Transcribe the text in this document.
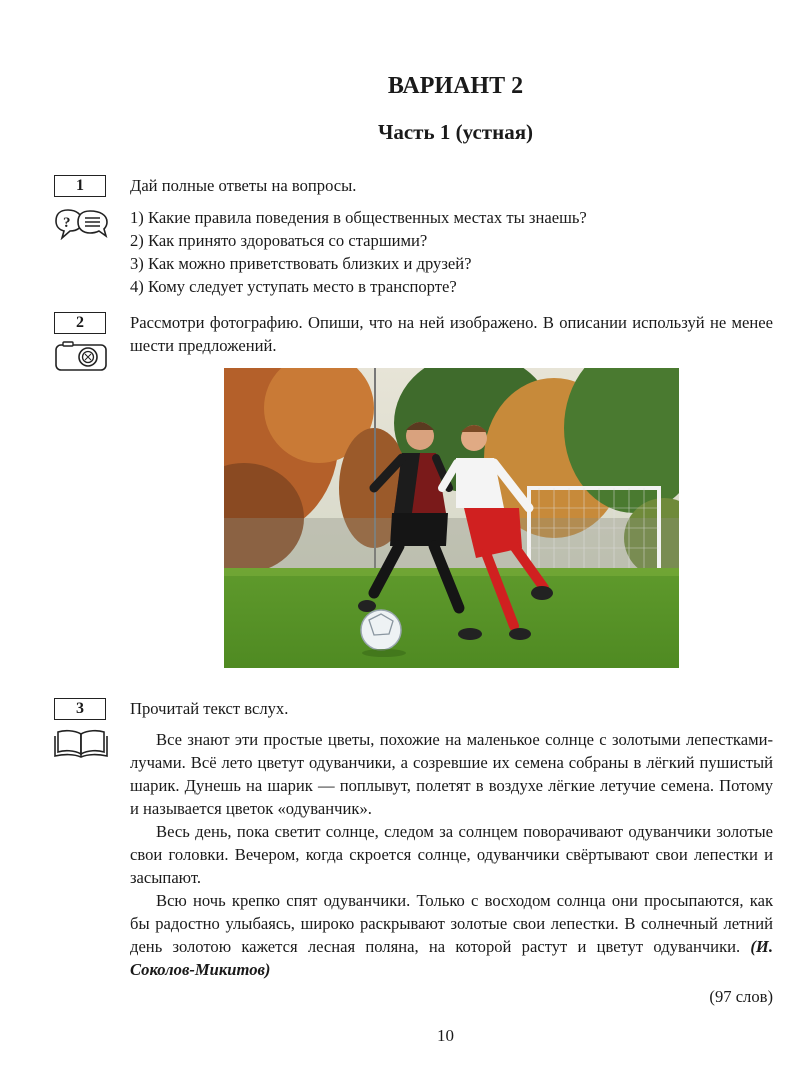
ВАРИАНТ 2
Часть 1 (устная)
1
?
Дай полные ответы на вопросы.
1) Какие правила поведения в общественных местах ты знаешь?
2) Как принято здороваться со старшими?
3) Как можно приветствовать близких и друзей?
4) Кому следует уступать место в транспорте?
2	Рассмотри фотографию. Опиши, что на ней изображено. В описании используй не менее шести предложений.
3	Прочитай текст вслух.
Все знают эти простые цветы, похожие на маленькое солнце с золотыми лепестками-лучами. Всё лето цветут одуванчики, а созревшие их семена собраны в лёгкий пушистый шарик. Дунешь на шарик — поплывут, полетят в воздухе лёгкие летучие семена. Потому и называется цветок «одуванчик».
Весь день, пока светит солнце, следом за солнцем поворачивают одуванчики золотые свои головки. Вечером, когда скроется солнце, одуванчики свёртывают свои лепестки и засыпают.
Всю ночь крепко спят одуванчики. Только с восходом солнца они просыпаются, как бы радостно улыбаясь, широко раскрывают золотые свои лепестки. В солнечный летний день золотою кажется лесная поляна, на которой растут и цветут одуванчики. (И. Соколов-Микитов)
(97 слов)
10
